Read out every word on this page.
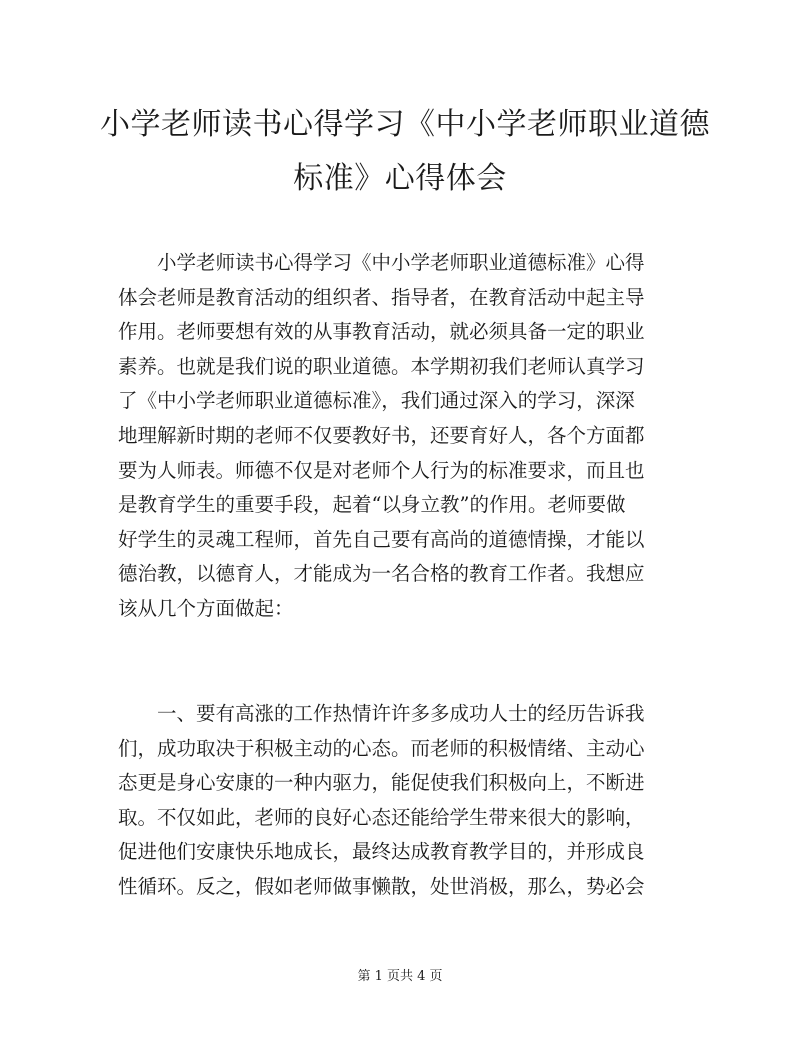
小学老师读书心得学习《中小学老师职业道德
标准》心得体会
小学老师读书心得学习《中小学老师职业道德标准》心得
体会老师是教育活动的组织者、指导者，在教育活动中起主导
作用。老师要想有效的从事教育活动，就必须具备一定的职业
素养。也就是我们说的职业道德。本学期初我们老师认真学习
了《中小学老师职业道德标准》，我们通过深入的学习，深深
地理解新时期的老师不仅要教好书，还要育好人，各个方面都
要为人师表。师德不仅是对老师个人行为的标准要求，而且也
是教育学生的重要手段，起着“以身立教”的作用。老师要做
好学生的灵魂工程师，首先自己要有高尚的道德情操，才能以
德治教，以德育人，才能成为一名合格的教育工作者。我想应
该从几个方面做起：
一、要有高涨的工作热情许许多多成功人士的经历告诉我
们，成功取决于积极主动的心态。而老师的积极情绪、主动心
态更是身心安康的一种内驱力，能促使我们积极向上，不断进
取。不仅如此，老师的良好心态还能给学生带来很大的影响，
促进他们安康快乐地成长，最终达成教育教学目的，并形成良
性循环。反之，假如老师做事懒散，处世消极，那么，势必会
第 1 页共 4 页
